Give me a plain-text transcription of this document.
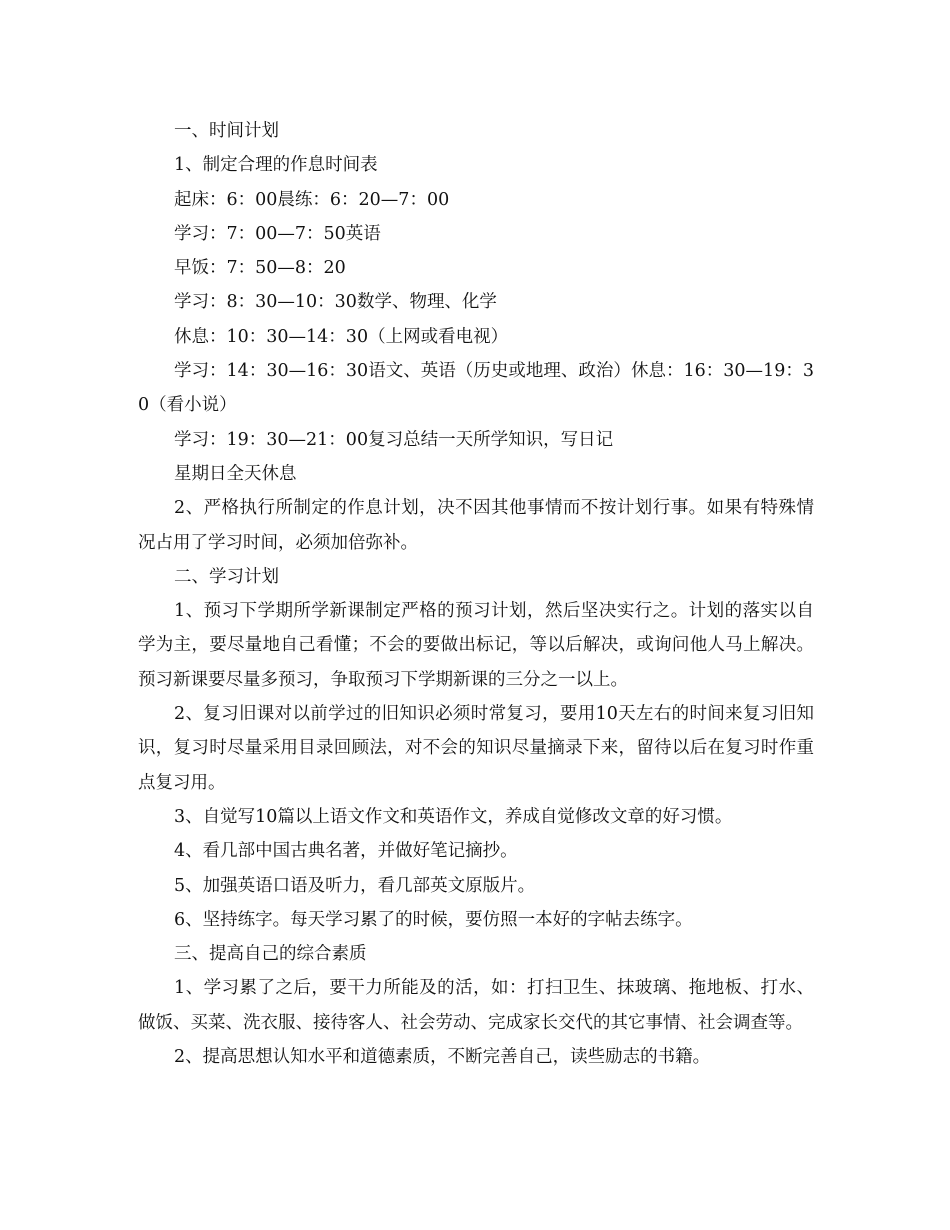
一、时间计划

1、制定合理的作息时间表

起床：6：00晨练：6：20—7：00

学习：7：00—7：50英语

早饭：7：50—8：20

学习：8：30—10：30数学、物理、化学

休息：10：30—14：30（上网或看电视）

学习：14：30—16：30语文、英语（历史或地理、政治）休息：16：30—19：30（看小说）

学习：19：30—21：00复习总结一天所学知识，写日记

星期日全天休息

2、严格执行所制定的作息计划，决不因其他事情而不按计划行事。如果有特殊情况占用了学习时间，必须加倍弥补。

二、学习计划

1、预习下学期所学新课制定严格的预习计划，然后坚决实行之。计划的落实以自学为主，要尽量地自己看懂；不会的要做出标记，等以后解决，或询问他人马上解决。预习新课要尽量多预习，争取预习下学期新课的三分之一以上。

2、复习旧课对以前学过的旧知识必须时常复习，要用10天左右的时间来复习旧知识，复习时尽量采用目录回顾法，对不会的知识尽量摘录下来，留待以后在复习时作重点复习用。

3、自觉写10篇以上语文作文和英语作文，养成自觉修改文章的好习惯。

4、看几部中国古典名著，并做好笔记摘抄。

5、加强英语口语及听力，看几部英文原版片。

6、坚持练字。每天学习累了的时候，要仿照一本好的字帖去练字。

三、提高自己的综合素质

1、学习累了之后，要干力所能及的活，如：打扫卫生、抹玻璃、拖地板、打水、做饭、买菜、洗衣服、接待客人、社会劳动、完成家长交代的其它事情、社会调查等。

2、提高思想认知水平和道德素质，不断完善自己，读些励志的书籍。
